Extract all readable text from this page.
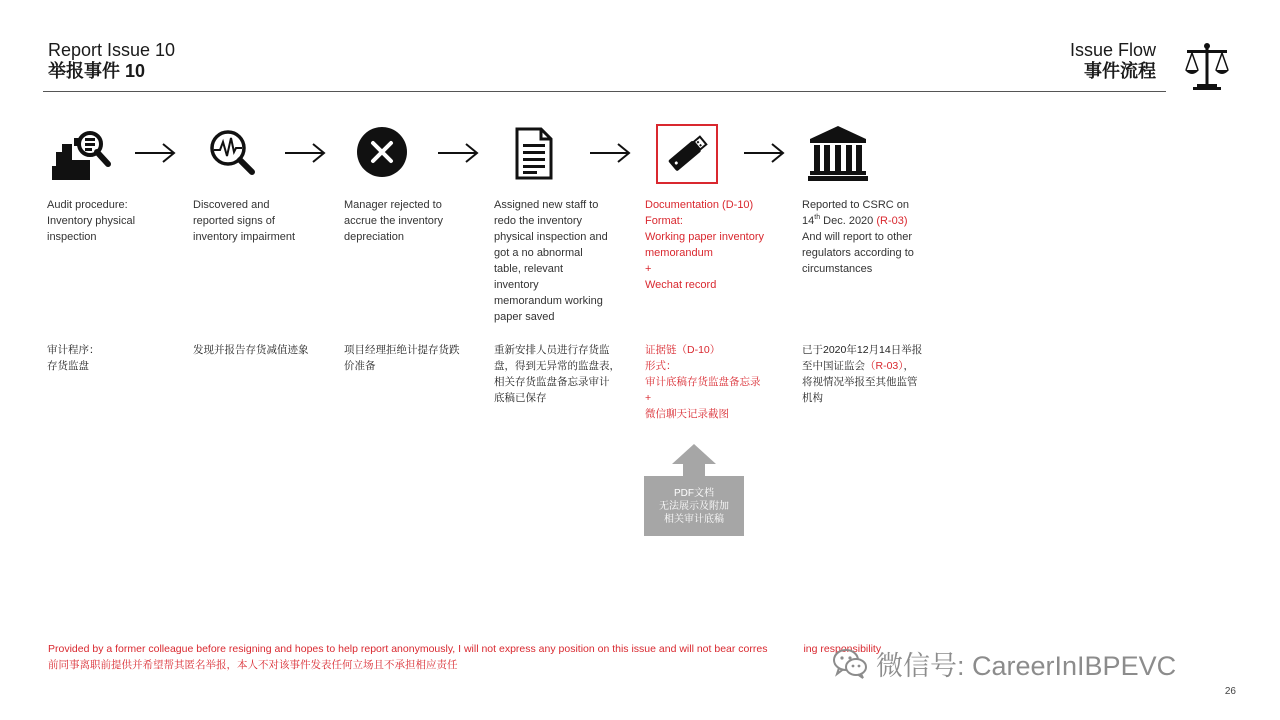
Report Issue 10
举报事件 10
Issue Flow
事件流程
Audit procedure:
Inventory physical
inspection
Discovered and
reported signs of
inventory impairment
Manager rejected to
accrue the inventory
depreciation
Assigned new staff to
redo the inventory
physical inspection and
got a no abnormal
table, relevant
inventory
memorandum working
paper saved
Documentation (D-10)
Format:
Working paper inventory
memorandum
+
Wechat record
Reported to CSRC on
14th Dec. 2020 (R-03)
And will report to other
regulators according to
circumstances
审计程序：
存货监盘
发现并报告存货减值迹象	项目经理拒绝计提存货跌
价准备
重新安排人员进行存货监
盘，得到无异常的监盘表，
相关存货监盘备忘录审计
底稿已保存
证据链（D-10）
形式：
审计底稿存货监盘备忘录
+
微信聊天记录截图
已于2020年12月14日举报
至中国证监会（R-03），
将视情况举报至其他监管
机构
PDF文档
无法展示及附加
相关审计底稿
Provided by a former colleague before resigning and hopes to help report anonymously, I will not express any position on this issue and will not bear corres	ing responsibility
前同事离职前提供并希望帮其匿名举报，本人不对该事件发表任何立场且不承担相应责任	微信号: CareerInIBPEVC
26
